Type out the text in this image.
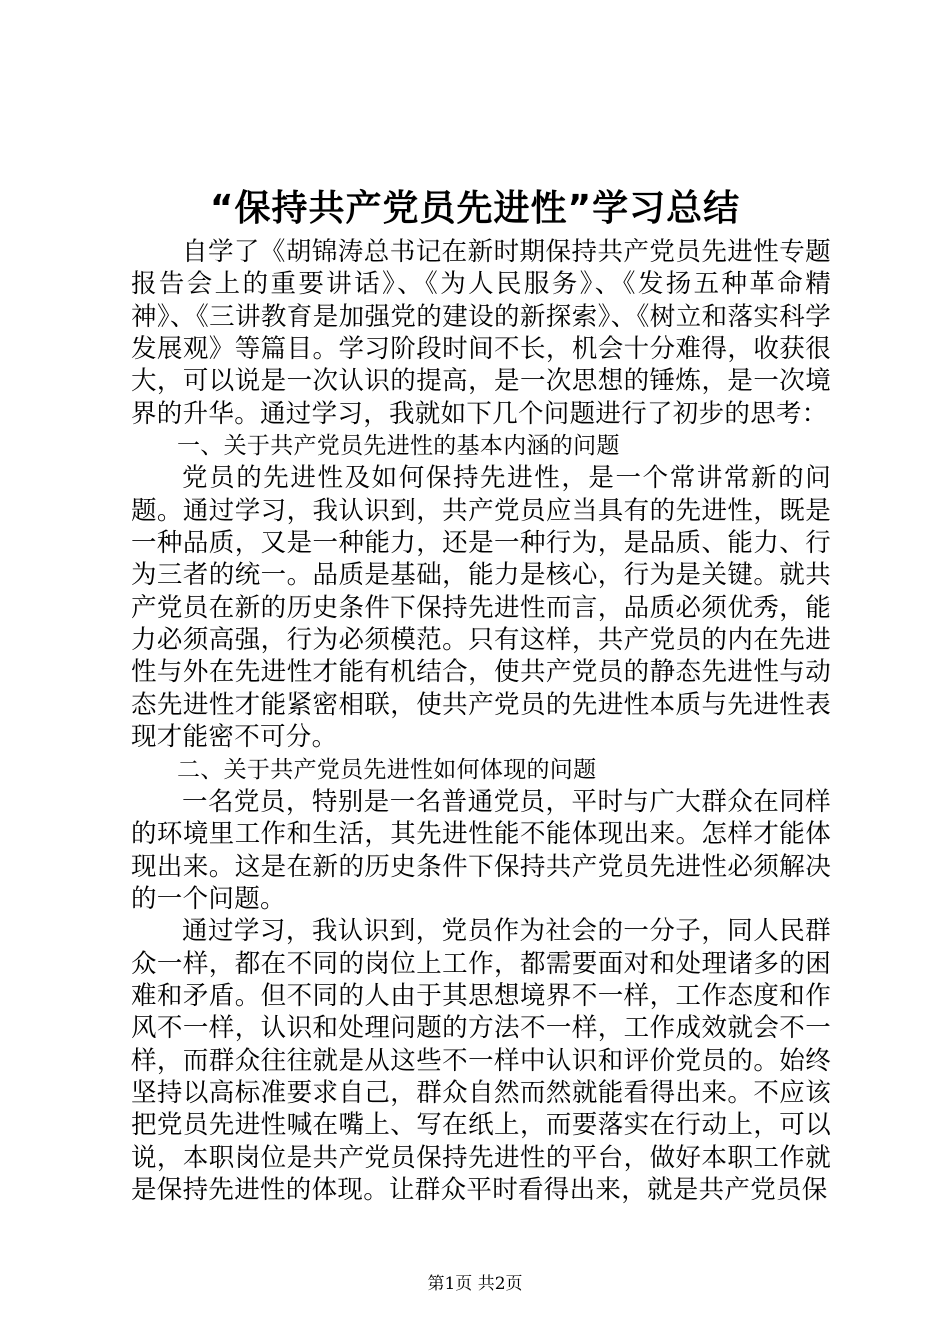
“保持共产党员先进性”学习总结

自学了《胡锦涛总书记在新时期保持共产党员先进性专题报告会上的重要讲话》、《为人民服务》、《发扬五种革命精神》、《三讲教育是加强党的建设的新探索》、《树立和落实科学发展观》等篇目。学习阶段时间不长，机会十分难得，收获很大，可以说是一次认识的提高，是一次思想的锤炼，是一次境界的升华。通过学习，我就如下几个问题进行了初步的思考：

一、关于共产党员先进性的基本内涵的问题

党员的先进性及如何保持先进性，是一个常讲常新的问题。通过学习，我认识到，共产党员应当具有的先进性，既是一种品质，又是一种能力，还是一种行为，是品质、能力、行为三者的统一。品质是基础，能力是核心，行为是关键。就共产党员在新的历史条件下保持先进性而言，品质必须优秀，能力必须高强，行为必须模范。只有这样，共产党员的内在先进性与外在先进性才能有机结合，使共产党员的静态先进性与动态先进性才能紧密相联，使共产党员的先进性本质与先进性表现才能密不可分。

二、关于共产党员先进性如何体现的问题

一名党员，特别是一名普通党员，平时与广大群众在同样的环境里工作和生活，其先进性能不能体现出来。怎样才能体现出来。这是在新的历史条件下保持共产党员先进性必须解决的一个问题。

通过学习，我认识到，党员作为社会的一分子，同人民群众一样，都在不同的岗位上工作，都需要面对和处理诸多的困难和矛盾。但不同的人由于其思想境界不一样，工作态度和作风不一样，认识和处理问题的方法不一样，工作成效就会不一样，而群众往往就是从这些不一样中认识和评价党员的。始终坚持以高标准要求自己，群众自然而然就能看得出来。不应该把党员先进性喊在嘴上、写在纸上，而要落实在行动上，可以说，本职岗位是共产党员保持先进性的平台，做好本职工作就是保持先进性的体现。让群众平时看得出来，就是共产党员保

第1页 共2页
